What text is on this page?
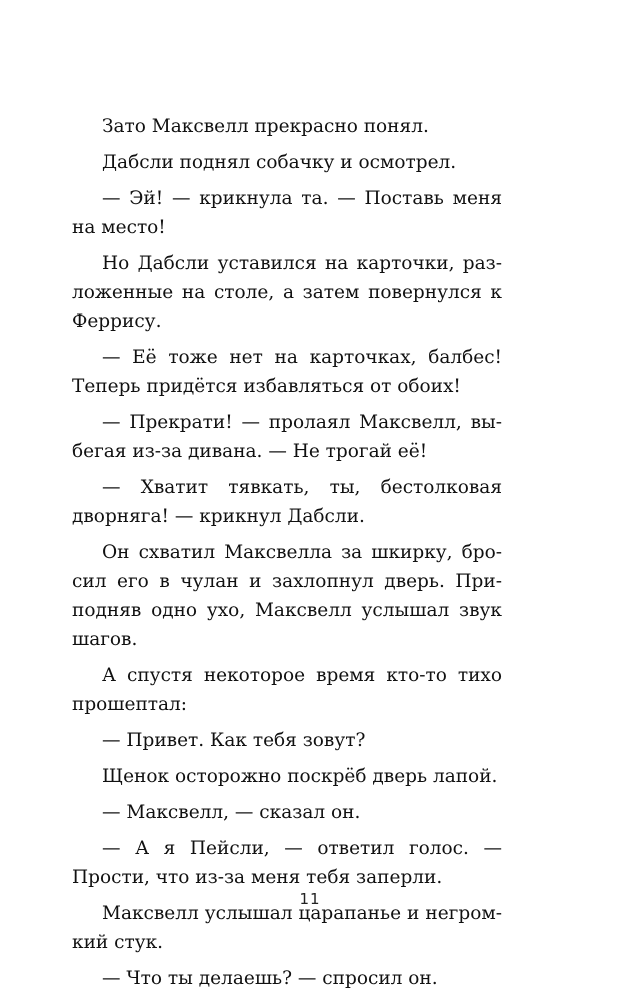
Зато Максвелл прекрасно понял.

Дабсли поднял собачку и осмотрел.

— Эй! — крикнула та. — Поставь меня на место!

Но Дабсли уставился на карточки, разложенные на столе, а затем повернулся к Феррису.

— Её тоже нет на карточках, балбес! Теперь придётся избавляться от обоих!

— Прекрати! — пролаял Максвелл, выбегая из-за дивана. — Не трогай её!

— Хватит тявкать, ты, бестолковая дворняга! — крикнул Дабсли.

Он схватил Максвелла за шкирку, бросил его в чулан и захлопнул дверь. Приподняв одно ухо, Максвелл услышал звук шагов.

А спустя некоторое время кто-то тихо прошептал:

— Привет. Как тебя зовут?

Щенок осторожно поскрёб дверь лапой.

— Максвелл, — сказал он.

— А я Пейсли, — ответил голос. — Прости, что из-за меня тебя заперли.

Максвелл услышал царапанье и негромкий стук.

— Что ты делаешь? — спросил он.

11
